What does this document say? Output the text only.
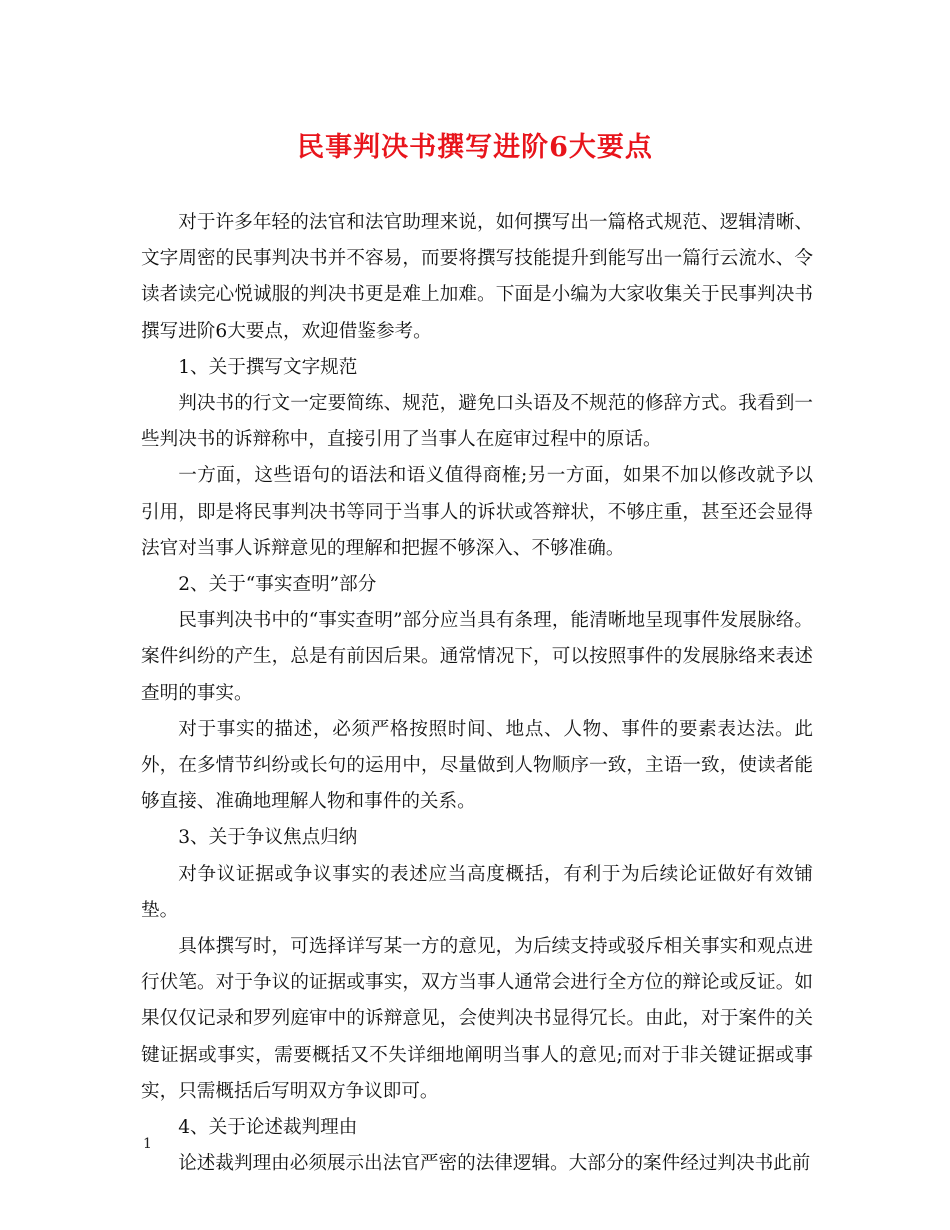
民事判决书撰写进阶6大要点

对于许多年轻的法官和法官助理来说，如何撰写出一篇格式规范、逻辑清晰、文字周密的民事判决书并不容易，而要将撰写技能提升到能写出一篇行云流水、令读者读完心悦诚服的判决书更是难上加难。下面是小编为大家收集关于民事判决书撰写进阶6大要点，欢迎借鉴参考。

1、关于撰写文字规范

判决书的行文一定要简练、规范，避免口头语及不规范的修辞方式。我看到一些判决书的诉辩称中，直接引用了当事人在庭审过程中的原话。

一方面，这些语句的语法和语义值得商榷;另一方面，如果不加以修改就予以引用，即是将民事判决书等同于当事人的诉状或答辩状，不够庄重，甚至还会显得法官对当事人诉辩意见的理解和把握不够深入、不够准确。

2、关于“事实查明”部分

民事判决书中的“事实查明”部分应当具有条理，能清晰地呈现事件发展脉络。案件纠纷的产生，总是有前因后果。通常情况下，可以按照事件的发展脉络来表述查明的事实。

对于事实的描述，必须严格按照时间、地点、人物、事件的要素表达法。此外，在多情节纠纷或长句的运用中，尽量做到人物顺序一致，主语一致，使读者能够直接、准确地理解人物和事件的关系。

3、关于争议焦点归纳

对争议证据或争议事实的表述应当高度概括，有利于为后续论证做好有效铺垫。

具体撰写时，可选择详写某一方的意见，为后续支持或驳斥相关事实和观点进行伏笔。对于争议的证据或事实，双方当事人通常会进行全方位的辩论或反证。如果仅仅记录和罗列庭审中的诉辩意见，会使判决书显得冗长。由此，对于案件的关键证据或事实，需要概括又不失详细地阐明当事人的意见;而对于非关键证据或事实，只需概括后写明双方争议即可。

4、关于论述裁判理由

论述裁判理由必须展示出法官严密的法律逻辑。大部分的案件经过判决书此前

1
